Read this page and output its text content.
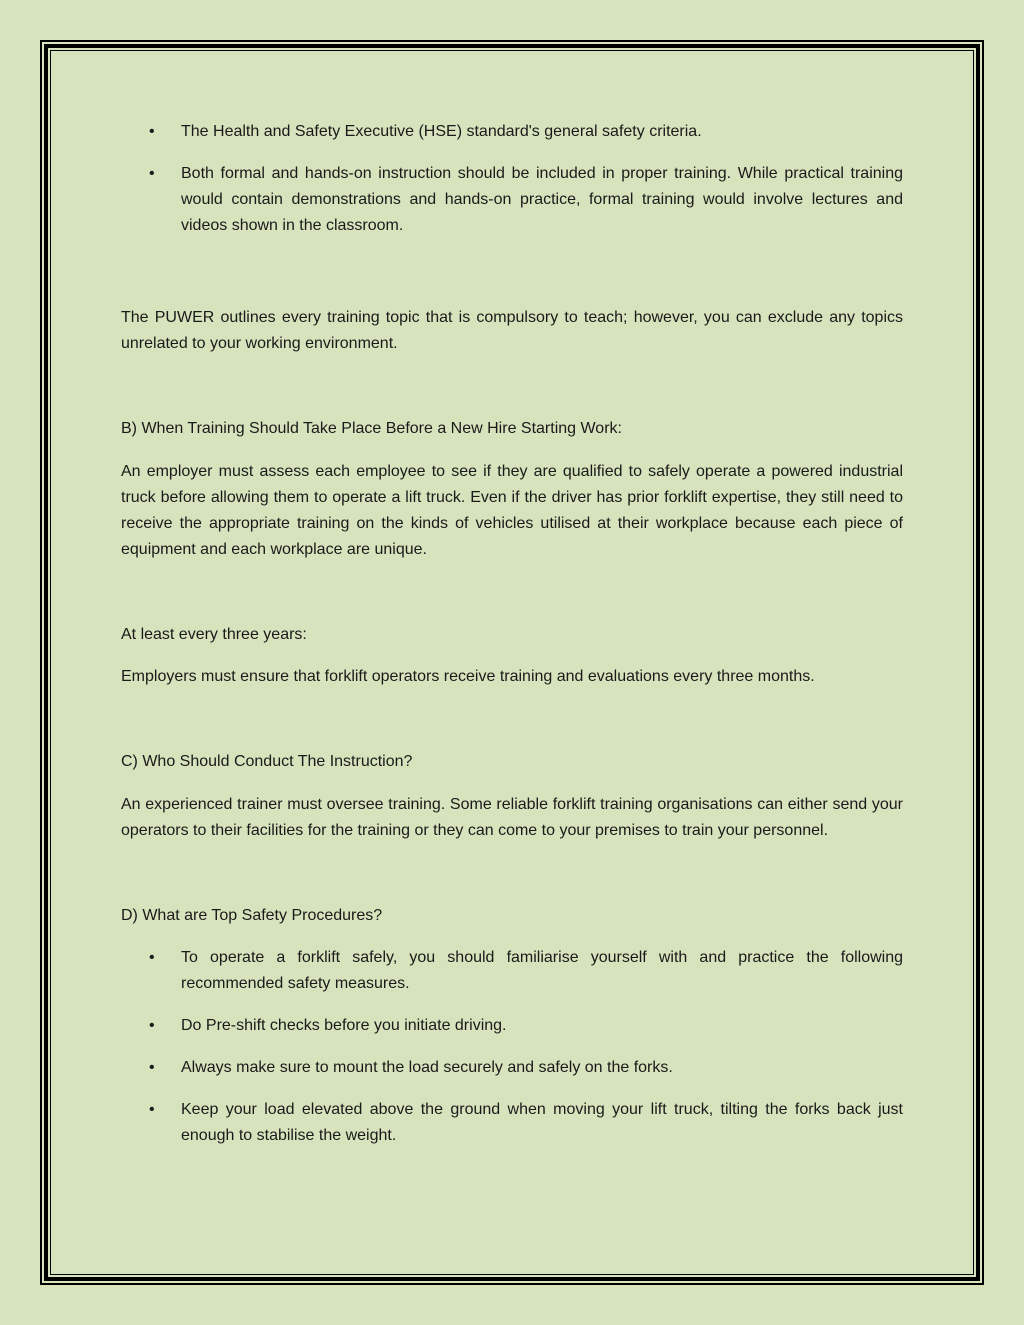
• The Health and Safety Executive (HSE) standard's general safety criteria.
• Both formal and hands-on instruction should be included in proper training. While practical training would contain demonstrations and hands-on practice, formal training would involve lectures and videos shown in the classroom.

The PUWER outlines every training topic that is compulsory to teach; however, you can exclude any topics unrelated to your working environment.

B) When Training Should Take Place Before a New Hire Starting Work:

An employer must assess each employee to see if they are qualified to safely operate a powered industrial truck before allowing them to operate a lift truck. Even if the driver has prior forklift expertise, they still need to receive the appropriate training on the kinds of vehicles utilised at their workplace because each piece of equipment and each workplace are unique.

At least every three years:

Employers must ensure that forklift operators receive training and evaluations every three months.

C) Who Should Conduct The Instruction?

An experienced trainer must oversee training. Some reliable forklift training organisations can either send your operators to their facilities for the training or they can come to your premises to train your personnel.

D) What are Top Safety Procedures?

• To operate a forklift safely, you should familiarise yourself with and practice the following recommended safety measures.
• Do Pre-shift checks before you initiate driving.
• Always make sure to mount the load securely and safely on the forks.
• Keep your load elevated above the ground when moving your lift truck, tilting the forks back just enough to stabilise the weight.
